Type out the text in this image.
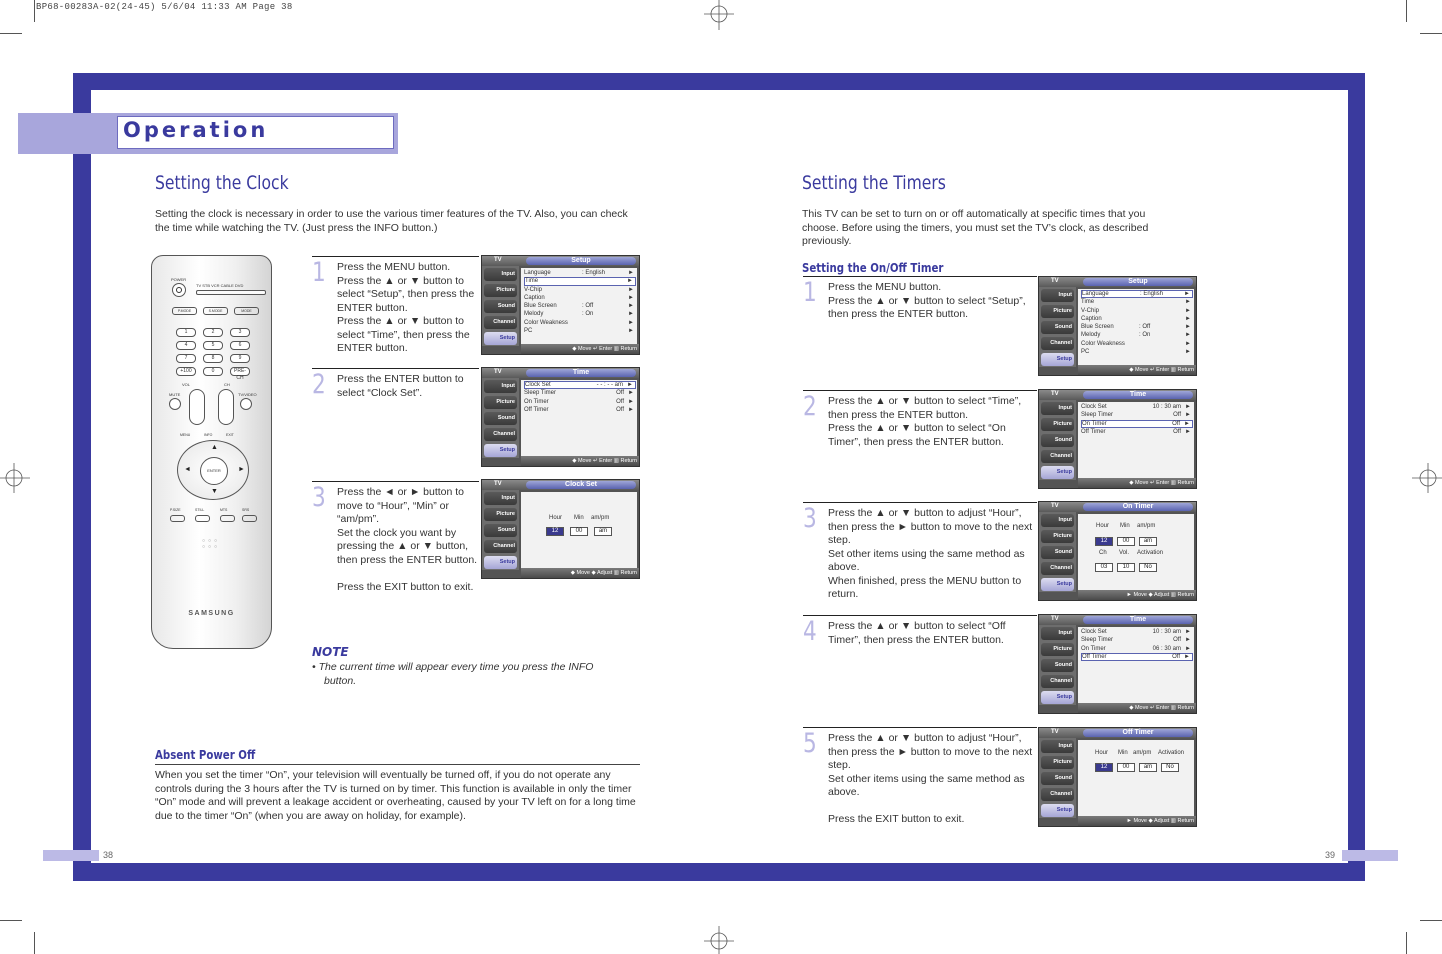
BP68-00283A-02(24-45) 5/6/04 11:33 AM Page 38
Operation
38	39
Setting the Clock
Setting the clock is necessary in order to use the various timer features of the TV. Also, you can check the time while watching the TV. (Just press the INFO button.)
POWER
TV STB VCR CABLE DVD
P.MODE	S.MODE	MODE
1	2	3
4	5	6
7	8	9
+100	0	PRE-CH
VOL	CH
MUTE	TV/VIDEO
MENU	INFO	EXIT
ENTER
▲
▼
◄	►
P.SIZE	STILL	MTS	SRS
○○○
○○○
SAMSUNG
1 Press the MENU button.
Press the ▲ or ▼ button to select “Setup”, then press the ENTER button.
Press the ▲ or ▼ button to select “Time”, then press the ENTER button.
2 Press the ENTER button to select “Clock Set”.
3 Press the ◄ or ► button to move to “Hour”, “Min” or “am/pm”.
Set the clock you want by pressing the ▲ or ▼ button, then press the ENTER button.

Press the EXIT button to exit.
NOTE
• The current time will appear every time you press the INFO button.
Absent Power Off
When you set the timer “On”, your television will eventually be turned off, if you do not operate any controls during the 3 hours after the TV is turned on by timer. This function is available in only the timer “On” mode and will prevent a leakage accident or overheating, caused by your TV left on for a long time due to the timer “On” (when you are away on holiday, for example).
Setting the Timers
This TV can be set to turn on or off automatically at specific times that you choose. Before using the timers, you must set the TV’s clock, as described previously.
Setting the On/Off Timer
1 Press the MENU button.
Press the ▲ or ▼ button to select “Setup”, then press the ENTER button.
2 Press the ▲ or ▼ button to select “Time”, then press the ENTER button.
Press the ▲ or ▼ button to select “On Timer”, then press the ENTER button.
3 Press the ▲ or ▼ button to adjust “Hour”, then press the ► button to move to the next step.
Set other items using the same method as above.
When finished, press the MENU button to return.
4 Press the ▲ or ▼ button to select “Off Timer”, then press the ENTER button.
5 Press the ▲ or ▼ button to adjust “Hour”, then press the ► button to move to the next step.
Set other items using the same method as above.

Press the EXIT button to exit.
TV	Setup
Input
Picture
Sound
Channel
Setup
Language	: English	►
Time	►
V-Chip	►
Caption	►
Blue Screen	: Off	►
Melody	: On	►
Color Weakness	►
PC	►
◆ Move ↵ Enter ▥ Return
TV	Time
Input
Picture
Sound
Channel
Setup
Clock Set	- - : - - am ►
Sleep Timer	Off ►
On Timer	Off ►
Off Timer	Off ►
◆ Move ↵ Enter ▥ Return
TV	Clock Set
Input
Picture
Sound
Channel
Setup
Hour Min am/pm
12	00	am
◆ Move ◆ Adjust ▥ Return
TV	Setup
Input
Picture
Sound
Channel
Setup
Language	: English	►
Time	►
V-Chip	►
Caption	►
Blue Screen	: Off	►
Melody	: On	►
Color Weakness	►
PC	►
◆ Move ↵ Enter ▥ Return
TV	Time
Input
Picture
Sound
Channel
Setup
Clock Set	10 : 30 am ►
Sleep Timer	Off ►
On Timer	Off ►
Off Timer	Off ►
◆ Move ↵ Enter ▥ Return
TV	On Timer
Input
Picture
Sound
Channel
Setup
Hour Min am/pm
12	00	am
Ch Vol. Activation
03	10	No
► Move ◆ Adjust ▥ Return
TV	Time
Input
Picture
Sound
Channel
Setup
Clock Set	10 : 30 am ►
Sleep Timer	Off ►
On Timer	06 : 30 am ►
Off Timer	Off ►
◆ Move ↵ Enter ▥ Return
TV	Off Timer
Input
Picture
Sound
Channel
Setup
Hour Min am/pm Activation
12	00	am	No
► Move ◆ Adjust ▥ Return
